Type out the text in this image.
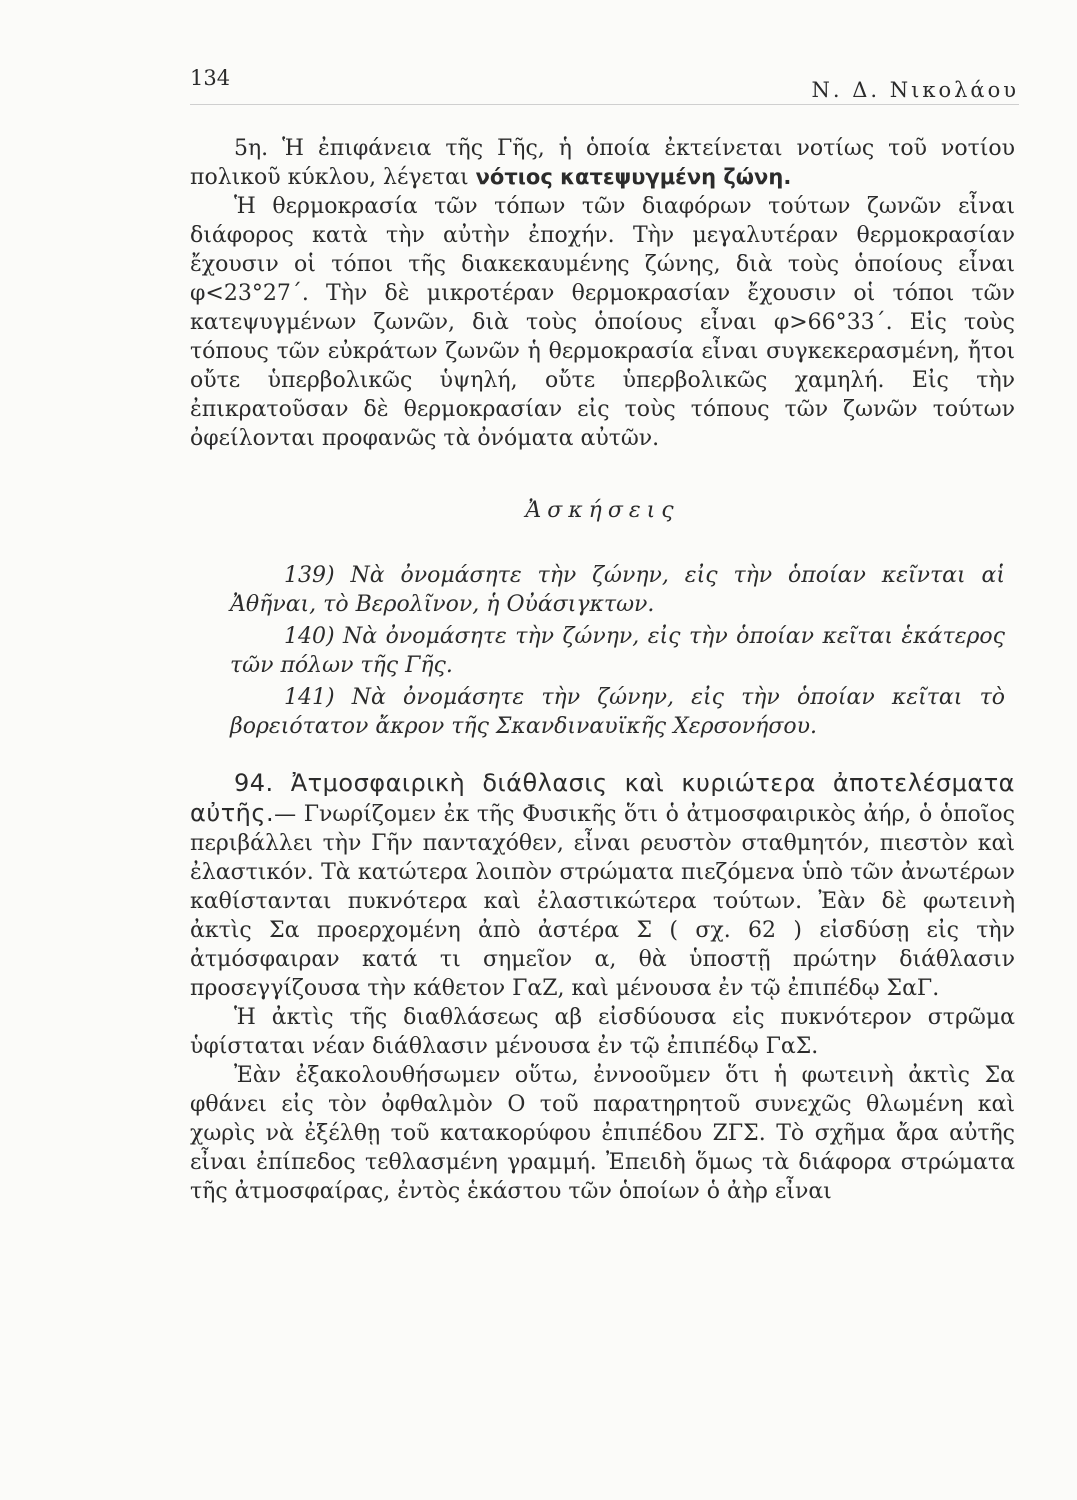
134	Ν. Δ. Νικολάου

5η. Ἡ ἐπιφάνεια τῆς Γῆς, ἡ ὁποία ἐκτείνεται νοτίως τοῦ νοτίου πολικοῦ κύκλου, λέγεται νότιος κατεψυγμένη ζώνη.

Ἡ θερμοκρασία τῶν τόπων τῶν διαφόρων τούτων ζωνῶν εἶναι διάφορος κατὰ τὴν αὐτὴν ἐποχήν. Τὴν μεγαλυτέραν θερμοκρασίαν ἔχουσιν οἱ τόποι τῆς διακεκαυμένης ζώνης, διὰ τοὺς ὁποίους εἶναι φ<23°27΄. Τὴν δὲ μικροτέραν θερμοκρασίαν ἔχουσιν οἱ τόποι τῶν κατεψυγμένων ζωνῶν, διὰ τοὺς ὁποίους εἶναι φ>66°33΄. Εἰς τοὺς τόπους τῶν εὐκράτων ζωνῶν ἡ θερμοκρασία εἶναι συγκεκερασμένη, ἤτοι οὔτε ὑπερβολικῶς ὑψηλή, οὔτε ὑπερβολικῶς χαμηλή. Εἰς τὴν ἐπικρατοῦσαν δὲ θερμοκρασίαν εἰς τοὺς τόπους τῶν ζωνῶν τούτων ὀφείλονται προφανῶς τὰ ὀνόματα αὐτῶν.

Ἀσκήσεις

139) Νὰ ὀνομάσητε τὴν ζώνην, εἰς τὴν ὁποίαν κεῖνται αἱ Ἀθῆναι, τὸ Βερολῖνον, ἡ Οὐάσιγκτων.

140) Νὰ ὀνομάσητε τὴν ζώνην, εἰς τὴν ὁποίαν κεῖται ἑκάτερος τῶν πόλων τῆς Γῆς.

141) Νὰ ὀνομάσητε τὴν ζώνην, εἰς τὴν ὁποίαν κεῖται τὸ βορειότατον ἄκρον τῆς Σκανδιναυϊκῆς Χερσονήσου.

94. Ἀτμοσφαιρικὴ διάθλασις καὶ κυριώτερα ἀποτελέσματα αὐτῆς.— Γνωρίζομεν ἐκ τῆς Φυσικῆς ὅτι ὁ ἀτμοσφαιρικὸς ἀήρ, ὁ ὁποῖος περιβάλλει τὴν Γῆν πανταχόθεν, εἶναι ρευστὸν σταθμητόν, πιεστὸν καὶ ἐλαστικόν. Τὰ κατώτερα λοιπὸν στρώματα πιεζόμενα ὑπὸ τῶν ἀνωτέρων καθίστανται πυκνότερα καὶ ἐλαστικώτερα τούτων. Ἐὰν δὲ φωτεινὴ ἀκτὶς Σα προερχομένη ἀπὸ ἀστέρα Σ ( σχ. 62 ) εἰσδύσῃ εἰς τὴν ἀτμόσφαιραν κατά τι σημεῖον α, θὰ ὑποστῇ πρώτην διάθλασιν προσεγγίζουσα τὴν κάθετον ΓαΖ, καὶ μένουσα ἐν τῷ ἐπιπέδῳ ΣαΓ.

Ἡ ἀκτὶς τῆς διαθλάσεως αβ εἰσδύουσα εἰς πυκνότερον στρῶμα ὑφίσταται νέαν διάθλασιν μένουσα ἐν τῷ ἐπιπέδῳ ΓαΣ.

Ἐὰν ἐξακολουθήσωμεν οὕτω, ἐννοοῦμεν ὅτι ἡ φωτεινὴ ἀκτὶς Σα φθάνει εἰς τὸν ὀφθαλμὸν Ο τοῦ παρατηρητοῦ συνεχῶς θλωμένη καὶ χωρὶς νὰ ἐξέλθῃ τοῦ κατακορύφου ἐπιπέδου ΖΓΣ. Τὸ σχῆμα ἄρα αὐτῆς εἶναι ἐπίπεδος τεθλασμένη γραμμή. Ἐπειδὴ ὅμως τὰ διάφορα στρώματα τῆς ἀτμοσφαίρας, ἐντὸς ἑκάστου τῶν ὁποίων ὁ ἀὴρ εἶναι
